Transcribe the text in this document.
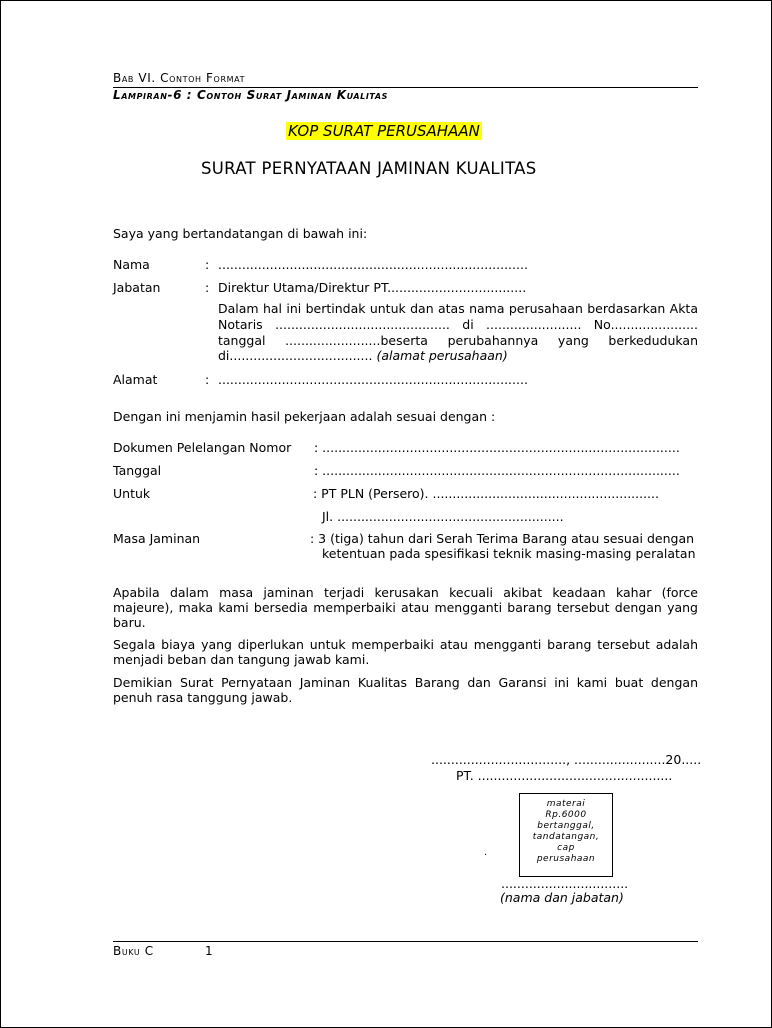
Bab VI. Contoh Format
Lampiran-6 : Contoh Surat Jaminan Kualitas
KOP SURAT PERUSAHAAN
SURAT PERNYATAAN JAMINAN KUALITAS
Saya yang bertandatangan di bawah ini:
Nama	: ..............................................................................
Jabatan	: Direktur Utama/Direktur PT...................................
Dalam hal ini bertindak untuk dan atas nama perusahaan berdasarkan Akta
Notaris ............................................ di ........................ No......................
tanggal ........................beserta perubahannya yang berkedudukan
di.................................... (alamat perusahaan)
Alamat	: ..............................................................................
Dengan ini menjamin hasil pekerjaan adalah sesuai dengan :
Dokumen Pelelangan Nomor : ..........................................................................................
Tanggal	: ..........................................................................................
Untuk	: PT PLN (Persero). .........................................................
Jl. .........................................................
Masa Jaminan	: 3 (tiga) tahun dari Serah Terima Barang atau sesuai dengan
ketentuan pada spesifikasi teknik masing-masing peralatan
Apabila dalam masa jaminan terjadi kerusakan kecuali akibat keadaan kahar (force
majeure), maka kami bersedia memperbaiki atau mengganti barang tersebut dengan yang
baru.
Segala biaya yang diperlukan untuk memperbaiki atau mengganti barang tersebut adalah
menjadi beban dan tangung jawab kami.
Demikian Surat Pernyataan Jaminan Kualitas Barang dan Garansi ini kami buat dengan
penuh rasa tanggung jawab.
.................................., .......................20.....
PT. .................................................
materai
Rp.6000
bertanggal,
tandatangan,
cap
perusahaan
.
................................
(nama dan jabatan)
Buku C	1
